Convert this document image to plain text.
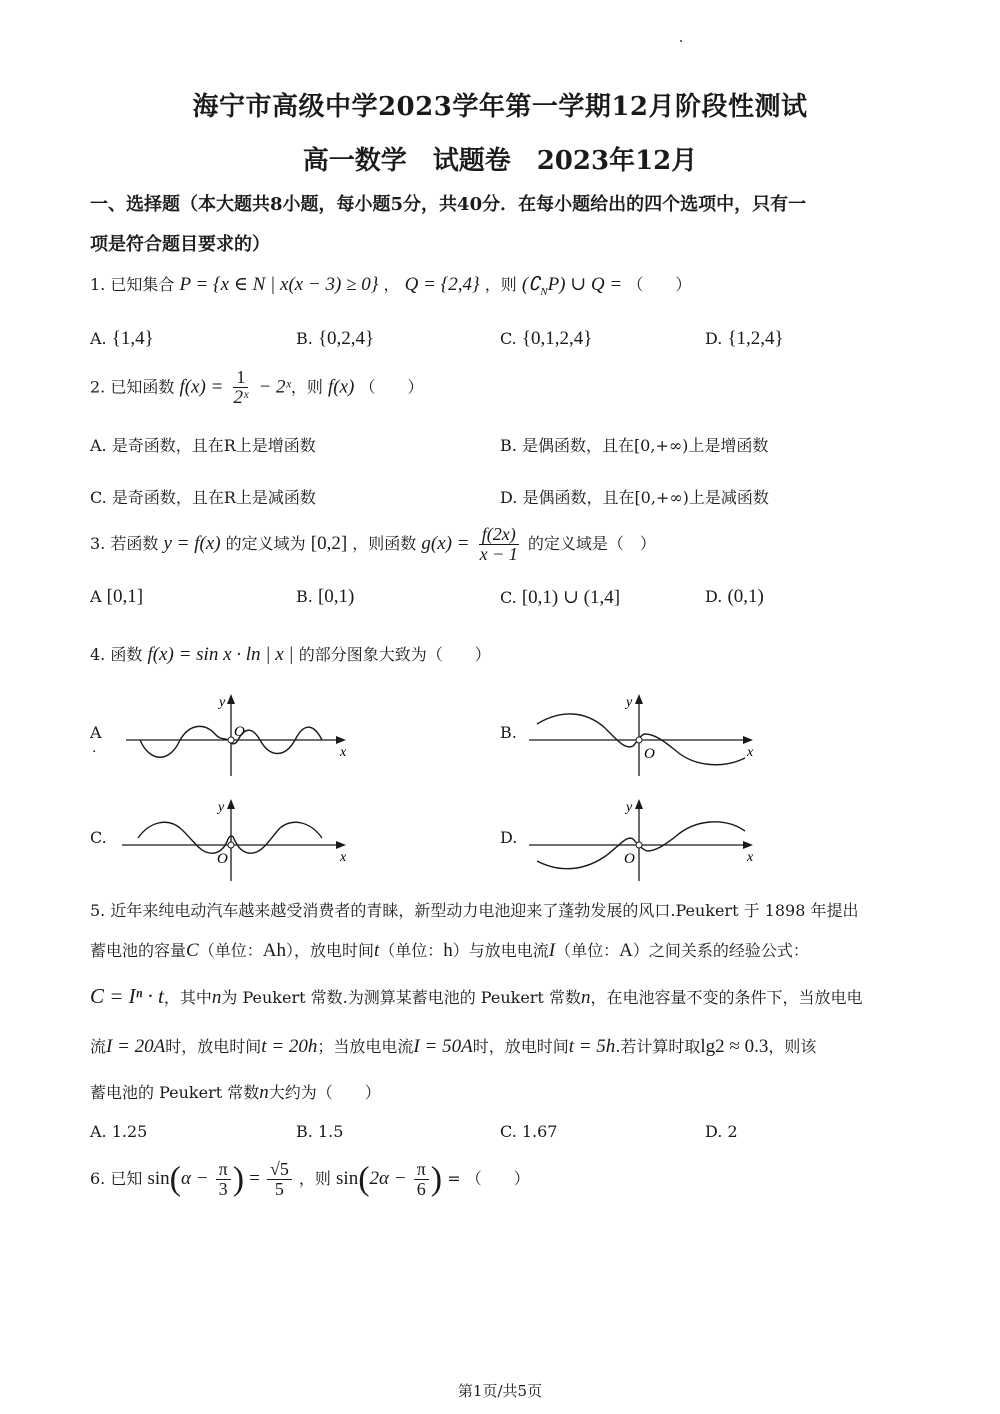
海宁市高级中学2023学年第一学期12月阶段性测试
高一数学　试题卷　2023年12月
一、选择题（本大题共8小题，每小题5分，共40分．在每小题给出的四个选项中，只有一
项是符合题目要求的）
1. 已知集合 P = {x ∈ N | x(x − 3) ≥ 0} ， Q = {2,4} ，则 $(∁_NP)$ ∪ Q = （　　）
A. {1,4}	B. {0,2,4}	C. {0,1,2,4}	D. {1,2,4}
2. 已知函数 $f(x) = \frac{1}{\text{2ˣ}}$ − 2ˣ，则 f(x) （　　）
A. 是奇函数，且在R上是增函数	B. 是偶函数，且在[0,+∞)上是增函数
C. 是奇函数，且在R上是减函数	D. 是偶函数，且在[0,+∞)上是减函数
3. 若函数 y = f(x) 的定义域为 [0,2] ，则函数 $g(x) = \frac{f(2x)}{x - 1}$ 的定义域是（　）
A [0,1]	B. [0,1)	C. [0,1) ∪ (1,4]	D. (0,1)
4. 函数 f(x) = sin x · ln | x | 的部分图象大致为（　　）
A
.
y
O
x
B.
y
O	x
C.
y
O	x
D.
y
O	x
5. 近年来纯电动汽车越来越受消费者的青睐，新型动力电池迎来了蓬勃发展的风口.Peukert 于 1898 年提出
蓄电池的容量C（单位：Ah），放电时间t（单位：h）与放电电流I（单位：A）之间关系的经验公式：
C = Iⁿ · t，其中n为 Peukert 常数.为测算某蓄电池的 Peukert 常数n，在电池容量不变的条件下，当放电电
流I = 20A时，放电时间t = 20h；当放电电流I = 50A时，放电时间t = 5h.若计算时取lg2 ≈ 0.3，则该
蓄电池的 Peukert 常数n大约为（　　）
A. 1.25	B. 1.5	C. 1.67	D. 2
6. 已知 $\sin(\alpha - \frac{\pi}{3}$ ) = $\frac{√5}{5}$ ，则 $\sin(2\alpha - \frac{\pi}{6}$ ) = （　　）
第1页/共5页
